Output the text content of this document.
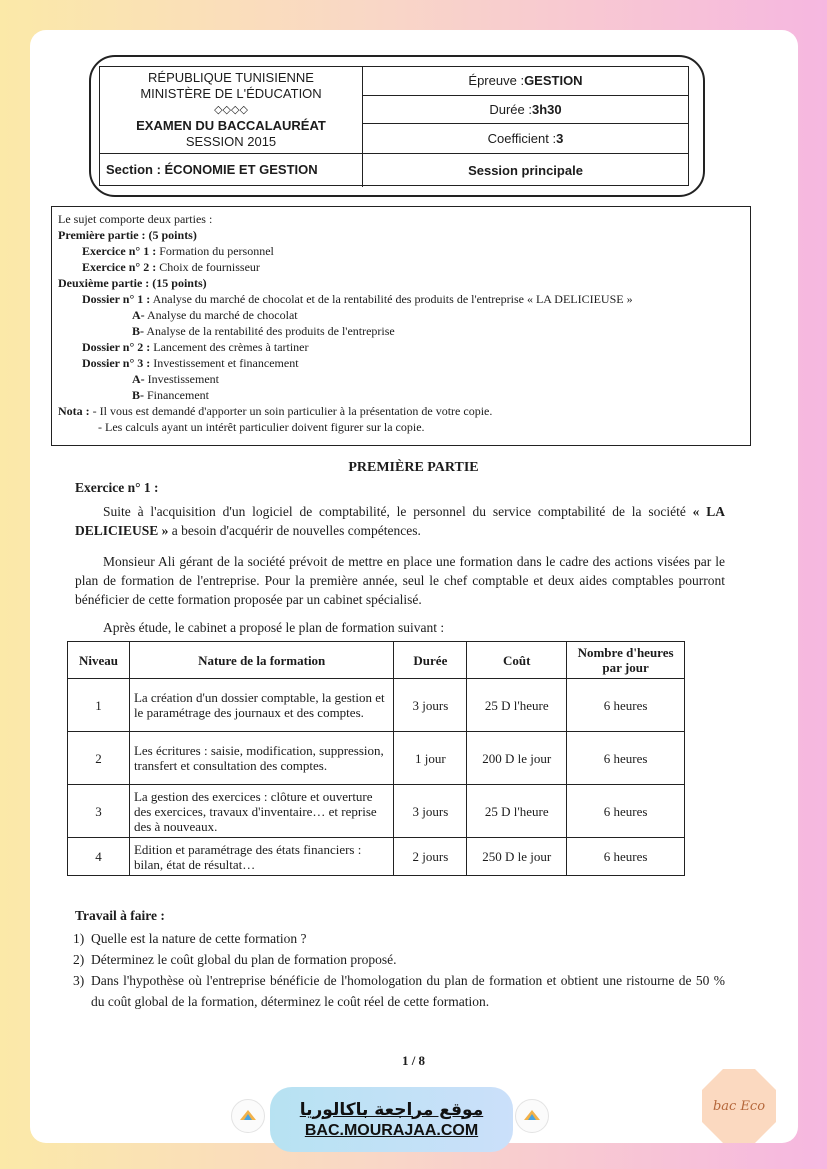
RÉPUBLIQUE TUNISIENNE
MINISTÈRE DE L'ÉDUCATION
◇◇◇◇
EXAMEN DU BACCALAURÉAT
SESSION 2015
Épreuve : GESTION
Durée : 3h30
Coefficient : 3
Section : ÉCONOMIE ET GESTION	Session principale
Le sujet comporte deux parties :
Première partie : (5 points)
Exercice n° 1 : Formation du personnel
Exercice n° 2 : Choix de fournisseur
Deuxième partie : (15 points)
Dossier n° 1 : Analyse du marché de chocolat et de la rentabilité des produits de l'entreprise « LA DELICIEUSE »
A- Analyse du marché de chocolat
B- Analyse de la rentabilité des produits de l'entreprise
Dossier n° 2 : Lancement des crèmes à tartiner
Dossier n° 3 : Investissement et financement
A- Investissement
B- Financement
Nota : - Il vous est demandé d'apporter un soin particulier à la présentation de votre copie.
- Les calculs ayant un intérêt particulier doivent figurer sur la copie.
PREMIÈRE PARTIE
Exercice n° 1 :
Suite à l'acquisition d'un logiciel de comptabilité, le personnel du service comptabilité de la société « LA DELICIEUSE » a besoin d'acquérir de nouvelles compétences.
Monsieur Ali gérant de la société prévoit de mettre en place une formation dans le cadre des actions visées par le plan de formation de l'entreprise. Pour la première année, seul le chef comptable et deux aides comptables pourront bénéficier de cette formation proposée par un cabinet spécialisé.
Après étude, le cabinet a proposé le plan de formation suivant :
Niveau	Nature de la formation	Durée	Coût	Nombre d'heures par jour
1	La création d'un dossier comptable, la gestion et le paramétrage des journaux et des comptes.	3 jours	25 D l'heure	6 heures
2	Les écritures : saisie, modification, suppression, transfert et consultation des comptes.	1 jour	200 D le jour	6 heures
3	La gestion des exercices : clôture et ouverture des exercices, travaux d'inventaire… et reprise des à nouveaux.	3 jours	25 D l'heure	6 heures
4	Edition et paramétrage des états financiers : bilan, état de résultat…	2 jours	250 D le jour	6 heures
Travail à faire :
1) Quelle est la nature de cette formation ?
2) Déterminez le coût global du plan de formation proposé.
3) Dans l'hypothèse où l'entreprise bénéficie de l'homologation du plan de formation et obtient une ristourne de 50 % du coût global de la formation, déterminez le coût réel de cette formation.
1 / 8
موقع مراجعة باكالوريا
BAC.MOURAJAA.COM
bac Eco
